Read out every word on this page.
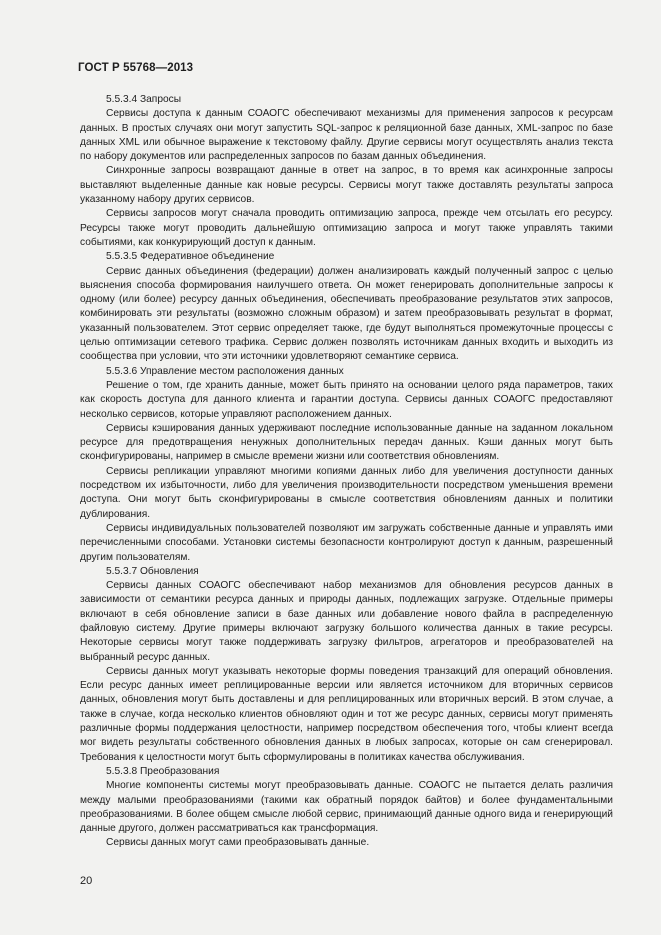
ГОСТ Р 55768—2013

5.5.3.4 Запросы

Сервисы доступа к данным СОАОГС обеспечивают механизмы для применения запросов к ресурсам данных. В простых случаях они могут запустить SQL-запрос к реляционной базе данных, XML-запрос по базе данных XML или обычное выражение к текстовому файлу. Другие сервисы могут осуществлять анализ текста по набору документов или распределенных запросов по базам данных объединения.

Синхронные запросы возвращают данные в ответ на запрос, в то время как асинхронные запросы выставляют выделенные данные как новые ресурсы. Сервисы могут также доставлять результаты запроса указанному набору других сервисов.

Сервисы запросов могут сначала проводить оптимизацию запроса, прежде чем отсылать его ресурсу. Ресурсы также могут проводить дальнейшую оптимизацию запроса и могут также управлять такими событиями, как конкурирующий доступ к данным.

5.5.3.5 Федеративное объединение

Сервис данных объединения (федерации) должен анализировать каждый полученный запрос с целью выяснения способа формирования наилучшего ответа. Он может генерировать дополнительные запросы к одному (или более) ресурсу данных объединения, обеспечивать преобразование результатов этих запросов, комбинировать эти результаты (возможно сложным образом) и затем преобразовывать результат в формат, указанный пользователем. Этот сервис определяет также, где будут выполняться промежуточные процессы с целью оптимизации сетевого трафика. Сервис должен позволять источникам данных входить и выходить из сообщества при условии, что эти источники удовлетворяют семантике сервиса.

5.5.3.6 Управление местом расположения данных

Решение о том, где хранить данные, может быть принято на основании целого ряда параметров, таких как скорость доступа для данного клиента и гарантии доступа. Сервисы данных СОАОГС предоставляют несколько сервисов, которые управляют расположением данных.

Сервисы кэширования данных удерживают последние использованные данные на заданном локальном ресурсе для предотвращения ненужных дополнительных передач данных. Кэши данных могут быть сконфигурированы, например в смысле времени жизни или соответствия обновлениям.

Сервисы репликации управляют многими копиями данных либо для увеличения доступности данных посредством их избыточности, либо для увеличения производительности посредством уменьшения времени доступа. Они могут быть сконфигурированы в смысле соответствия обновлениям данных и политики дублирования.

Сервисы индивидуальных пользователей позволяют им загружать собственные данные и управлять ими перечисленными способами. Установки системы безопасности контролируют доступ к данным, разрешенный другим пользователям.

5.5.3.7 Обновления

Сервисы данных СОАОГС обеспечивают набор механизмов для обновления ресурсов данных в зависимости от семантики ресурса данных и природы данных, подлежащих загрузке. Отдельные примеры включают в себя обновление записи в базе данных или добавление нового файла в распределенную файловую систему. Другие примеры включают загрузку большого количества данных в такие ресурсы. Некоторые сервисы могут также поддерживать загрузку фильтров, агрегаторов и преобразователей на выбранный ресурс данных.

Сервисы данных могут указывать некоторые формы поведения транзакций для операций обновления. Если ресурс данных имеет реплицированные версии или является источником для вторичных сервисов данных, обновления могут быть доставлены и для реплицированных или вторичных версий. В этом случае, а также в случае, когда несколько клиентов обновляют один и тот же ресурс данных, сервисы могут применять различные формы поддержания целостности, например посредством обеспечения того, чтобы клиент всегда мог видеть результаты собственного обновления данных в любых запросах, которые он сам сгенерировал. Требования к целостности могут быть сформулированы в политиках качества обслуживания.

5.5.3.8 Преобразования

Многие компоненты системы могут преобразовывать данные. СОАОГС не пытается делать различия между малыми преобразованиями (такими как обратный порядок байтов) и более фундаментальными преобразованиями. В более общем смысле любой сервис, принимающий данные одного вида и генерирующий данные другого, должен рассматриваться как трансформация.

Сервисы данных могут сами преобразовывать данные.

20
